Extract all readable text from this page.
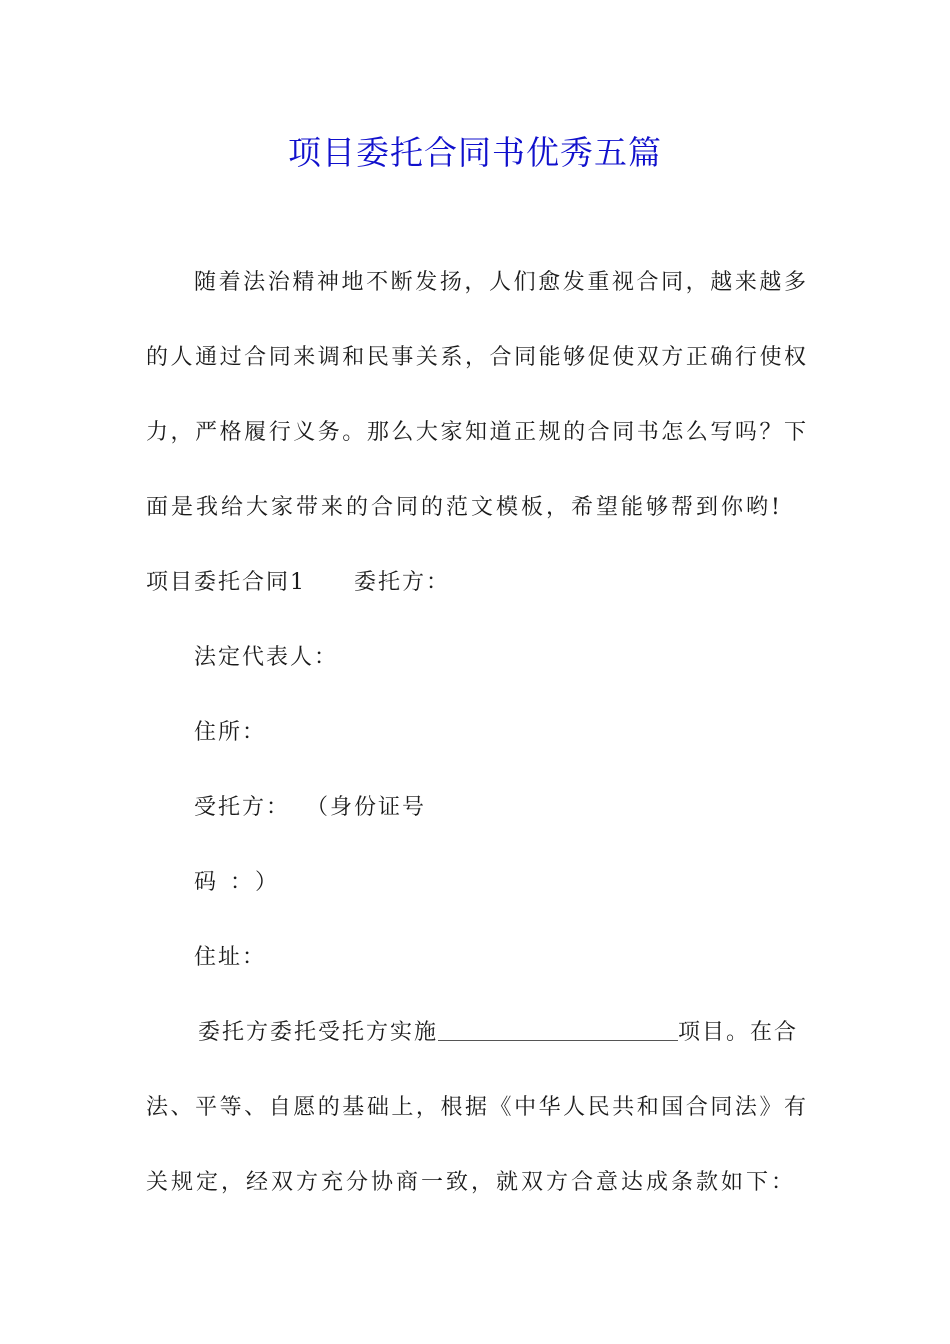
项目委托合同书优秀五篇
随着法治精神地不断发扬，人们愈发重视合同，越来越多
的人通过合同来调和民事关系，合同能够促使双方正确行使权
力，严格履行义务。那么大家知道正规的合同书怎么写吗？下
面是我给大家带来的合同的范文模板，希望能够帮到你哟!
项目委托合同1 委托方：
法定代表人：
住所：
受托方： （身份证号
码：）
住址：
委托方委托受托方实施	项目。在合
法、平等、自愿的基础上，根据《中华人民共和国合同法》有
关规定，经双方充分协商一致，就双方合意达成条款如下：
